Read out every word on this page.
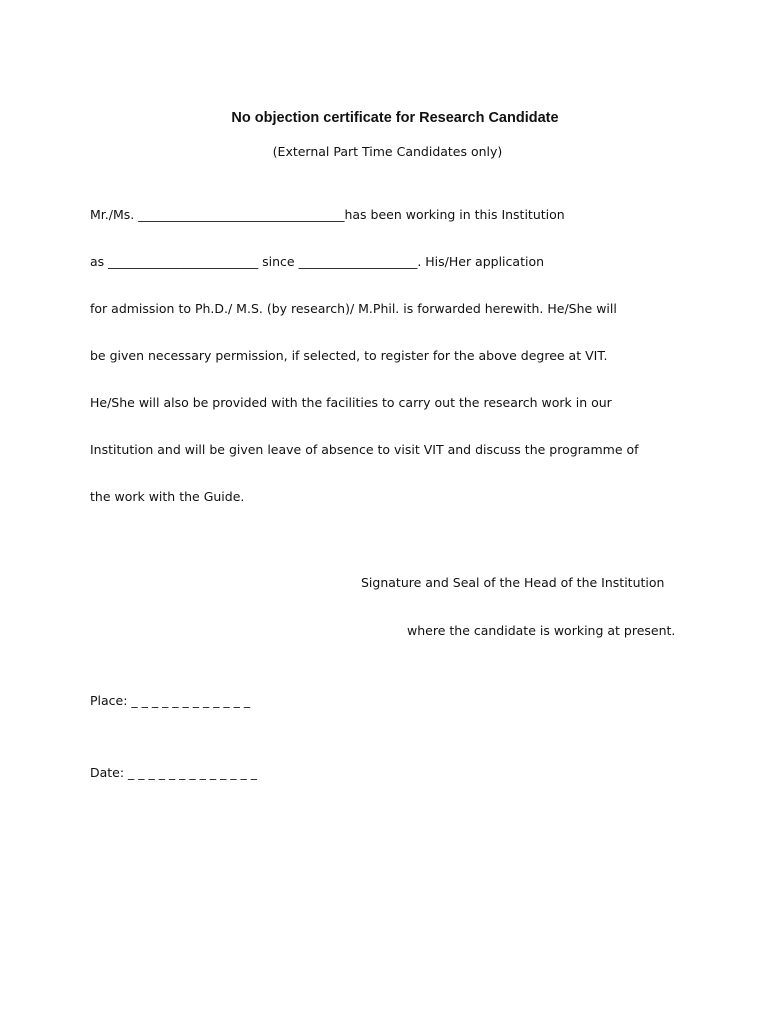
No objection certificate for Research Candidate
(External Part Time Candidates only)
Mr./Ms. _________________________________has been working in this Institution
as ________________________ since ___________________. His/Her application
for admission to Ph.D./ M.S. (by research)/ M.Phil. is forwarded herewith. He/She will
be given necessary permission, if selected, to register for the above degree at VIT.
He/She will also be provided with the facilities to carry out the research work in our
Institution and will be given leave of absence to visit VIT and discuss the programme of
the work with the Guide.
Signature and Seal of the Head of the Institution
where the candidate is working at present.
Place: _ _ _ _ _ _ _ _ _ _ _ _
Date: _ _ _ _ _ _ _ _ _ _ _ _ _
